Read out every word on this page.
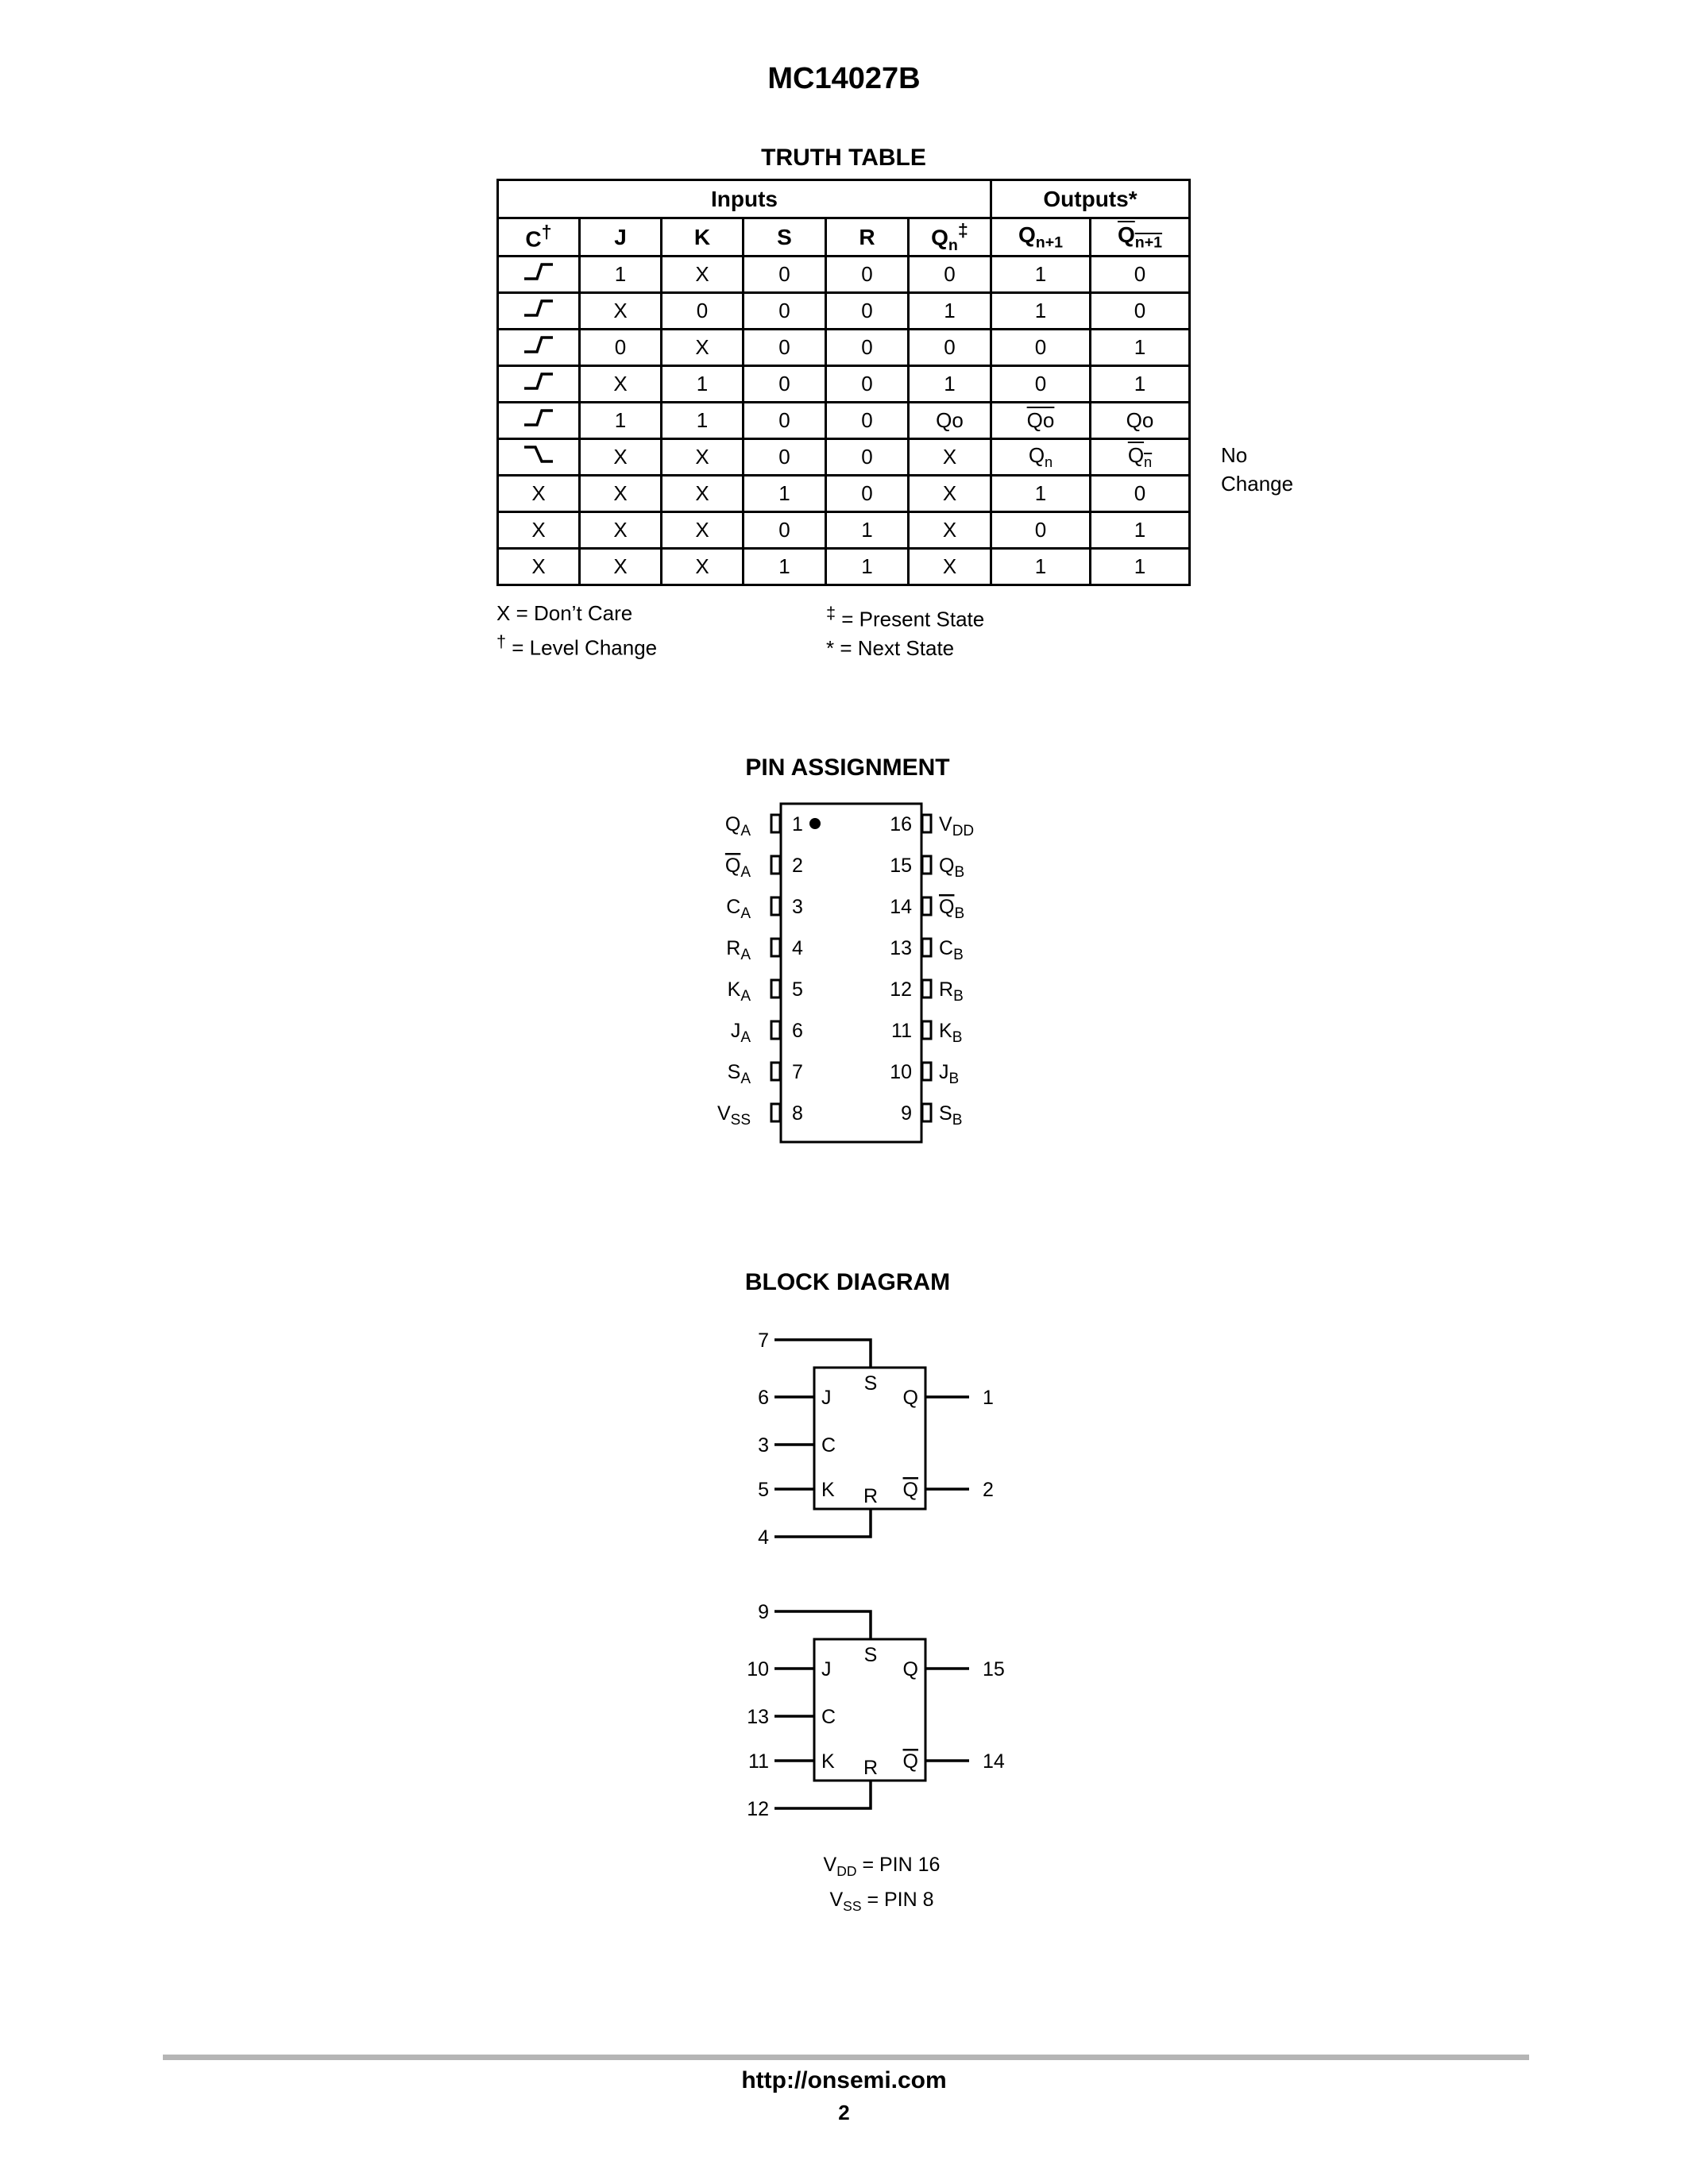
MC14027B
TRUTH TABLE
Inputs						Outputs*	
C†	J	K	S	R	$Q_n^\ddagger$	$Q_{n+1}$	$Q_{n+1}$
	1	X	0	0	0	1	0
	X	0	0	0	1	1	0
	0	X	0	0	0	0	1
	X	1	0	0	1	0	1
	1	1	0	0	Qo	$\overline{Qo}$	Qo
	X	X	0	0	X	$Q_n$	$Q_n$
X	X	X	1	0	X	1	0
X	X	X	0	1	X	0	1
X	X	X	1	1	X	1	1
No
Change
X = Don’t Care
† = Level Change
‡ = Present State
* = Next State
PIN ASSIGNMENT
1
$Q_A$
2
$Q_A$
3
$C_A$
4
$R_A$
5
$K_A$
6
$J_A$
7
$S_A$
8
$V_{SS}$
16 $V_{DD}$
15 $Q_B$
14 $Q_B$
13 $C_B$
12 $R_B$
11 $K_B$
10 $J_B$
9 $S_B$
6	J
3	C
5	K
1
Q
2
Q
S
R
7
4
10	J
13	C
11	K
15
Q
14
Q
S
R
9
12
BLOCK DIAGRAM
$V_{DD}$ = PIN 16
$V_{SS}$ = PIN 8
http://onsemi.com
2
